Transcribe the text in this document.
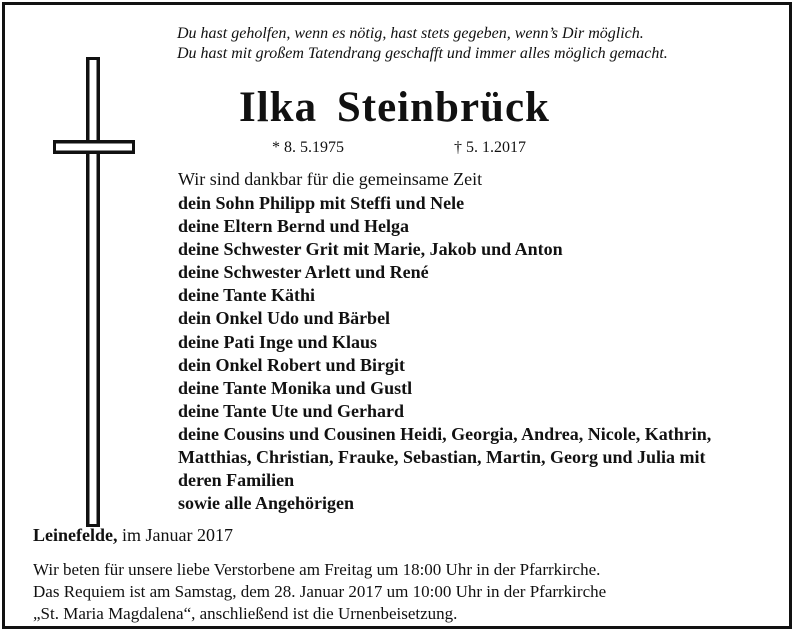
Du hast geholfen, wenn es nötig, hast stets gegeben, wenn’s Dir möglich.
Du hast mit großem Tatendrang geschafft und immer alles möglich gemacht.
Ilka Steinbrück
* 8. 5.1975	† 5. 1.2017
Wir sind dankbar für die gemeinsame Zeit
dein Sohn Philipp mit Steffi und Nele
deine Eltern Bernd und Helga
deine Schwester Grit mit Marie, Jakob und Anton
deine Schwester Arlett und René
deine Tante Käthi
dein Onkel Udo und Bärbel
deine Pati Inge und Klaus
dein Onkel Robert und Birgit
deine Tante Monika und Gustl
deine Tante Ute und Gerhard
deine Cousins und Cousinen Heidi, Georgia, Andrea, Nicole, Kathrin,
Matthias, Christian, Frauke, Sebastian, Martin, Georg und Julia mit
deren Familien
sowie alle Angehörigen
Leinefelde, im Januar 2017
Wir beten für unsere liebe Verstorbene am Freitag um 18:00 Uhr in der Pfarrkirche.
Das Requiem ist am Samstag, dem 28. Januar 2017 um 10:00 Uhr in der Pfarrkirche
„St. Maria Magdalena“, anschließend ist die Urnenbeisetzung.
